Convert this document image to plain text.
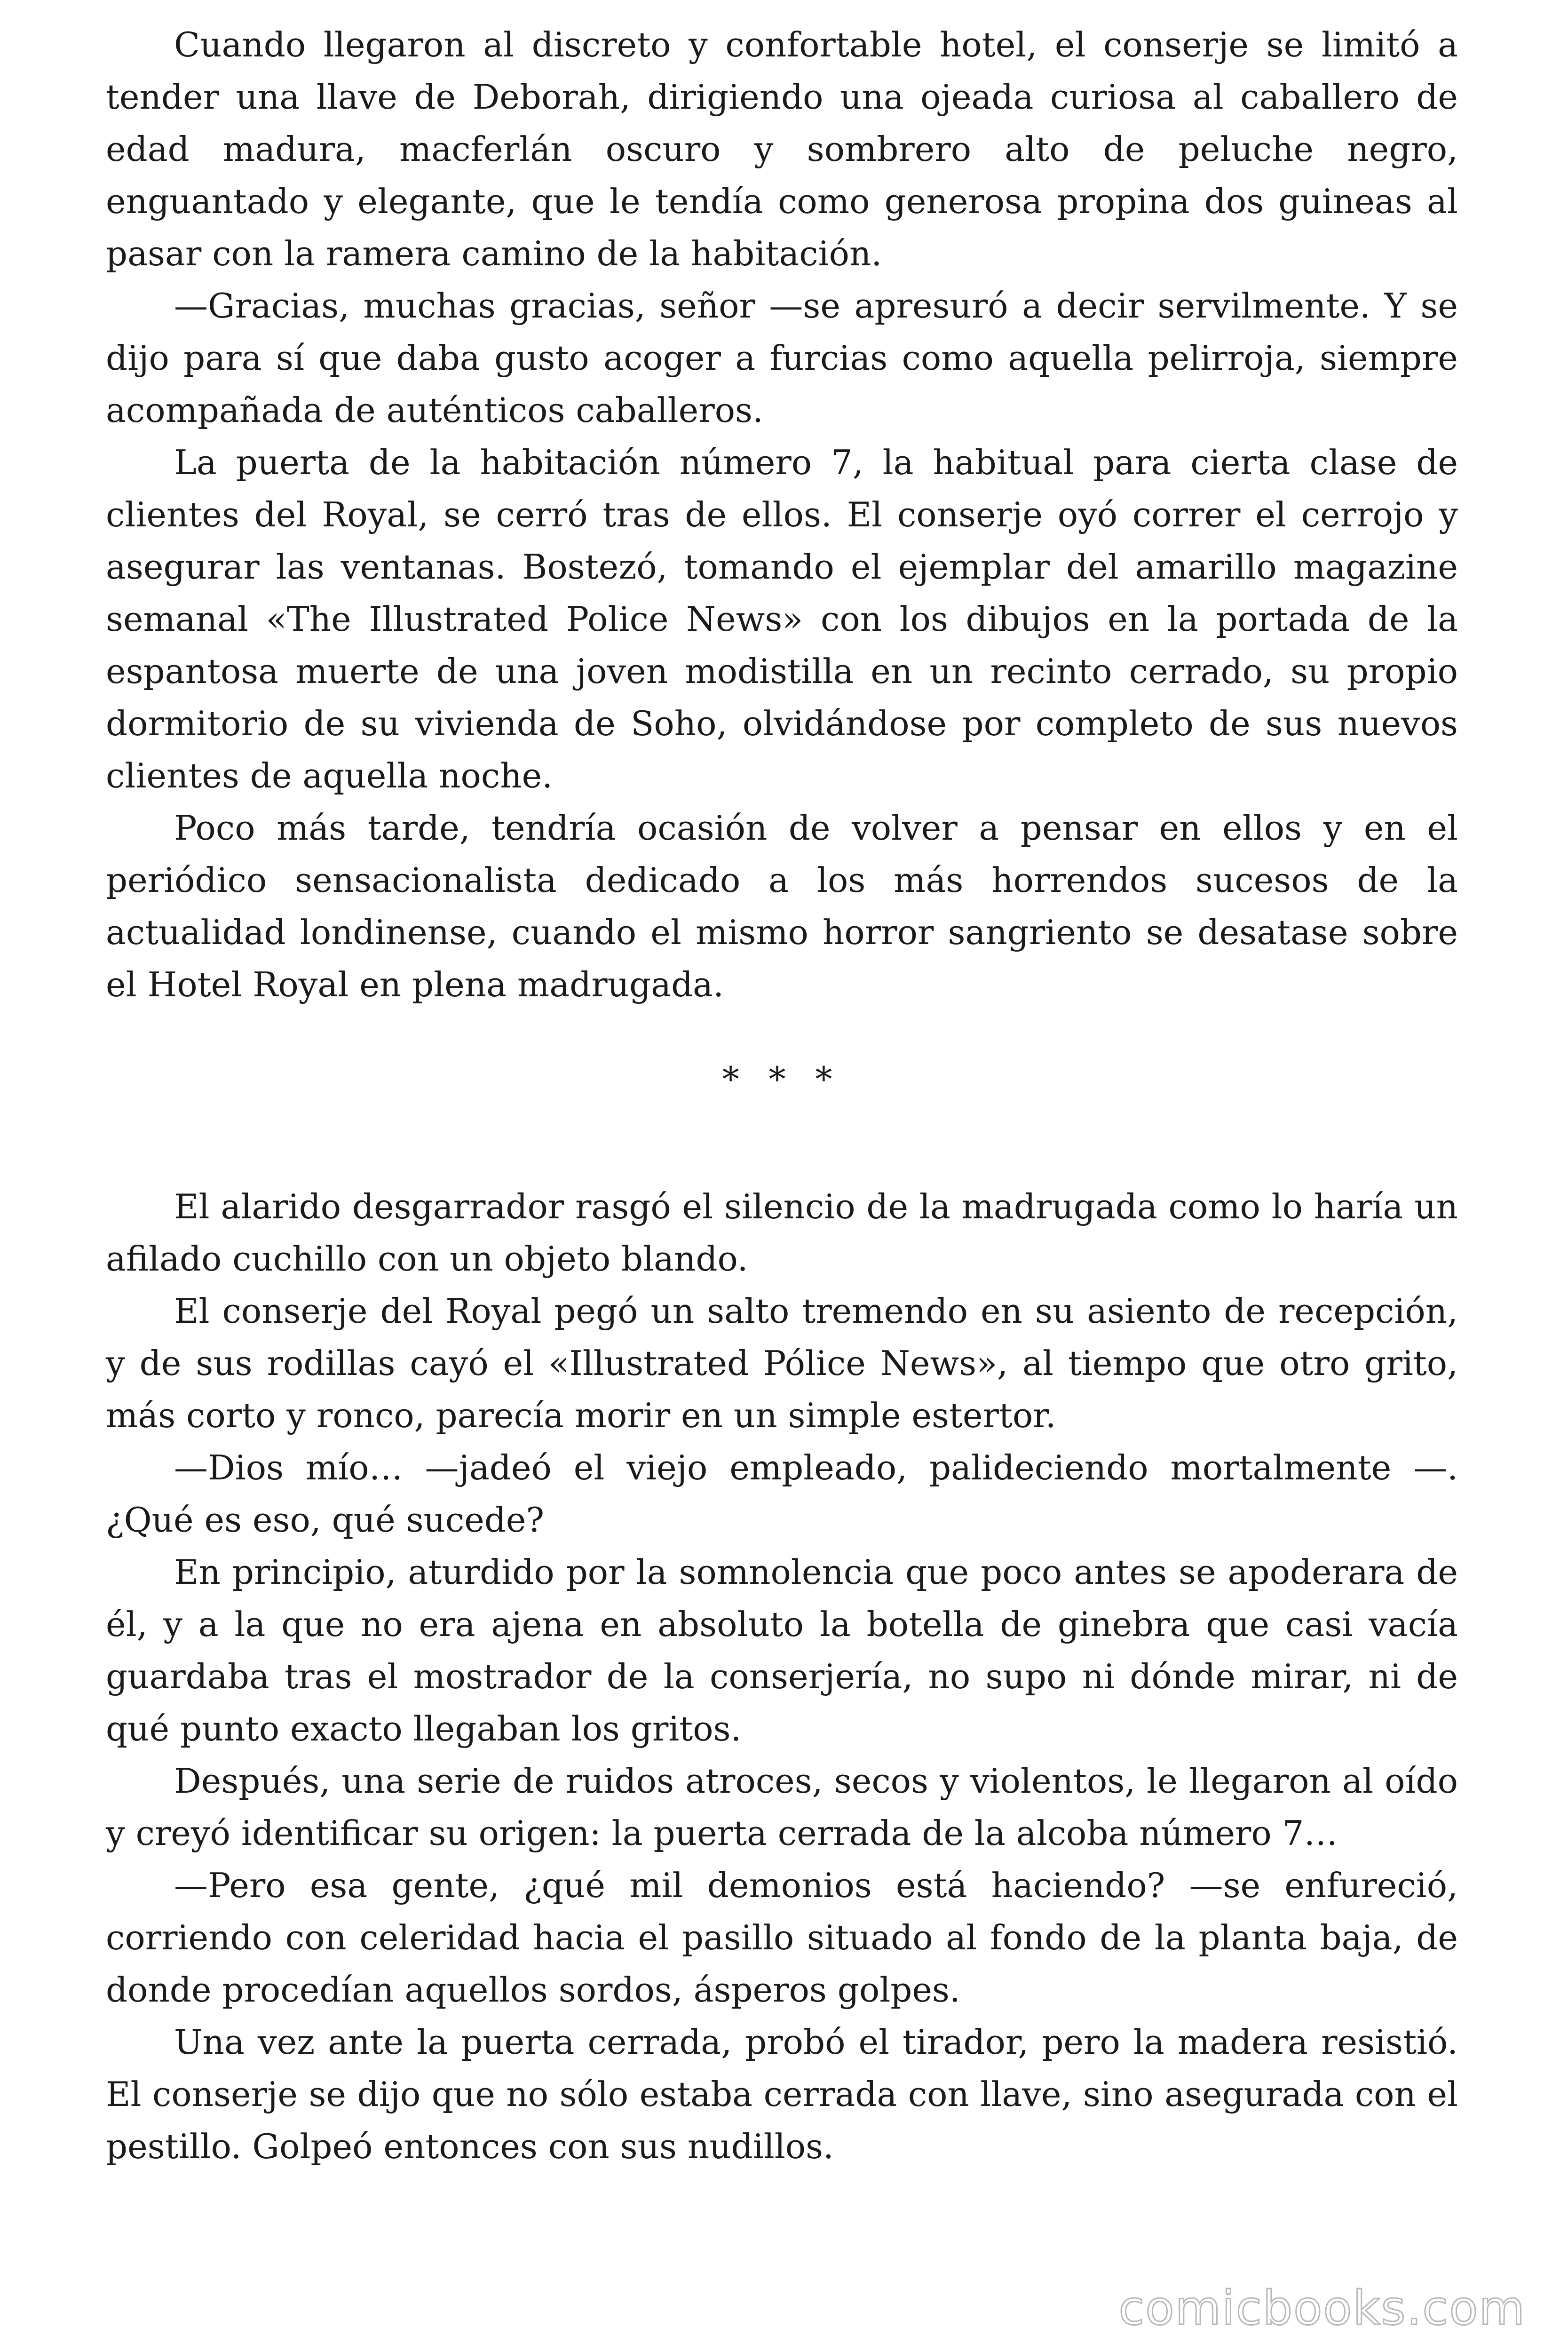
Cuando llegaron al discreto y confortable hotel, el conserje se limitó a tender una llave de Deborah, dirigiendo una ojeada curiosa al caballero de edad madura, macferlán oscuro y sombrero alto de peluche negro, enguantado y elegante, que le tendía como generosa propina dos guineas al pasar con la ramera camino de la habitación.

—Gracias, muchas gracias, señor —se apresuró a decir servilmente. Y se dijo para sí que daba gusto acoger a furcias como aquella pelirroja, siempre acompañada de auténticos caballeros.

La puerta de la habitación número 7, la habitual para cierta clase de clientes del Royal, se cerró tras de ellos. El conserje oyó correr el cerrojo y asegurar las ventanas. Bostezó, tomando el ejemplar del amarillo magazine semanal «The Illustrated Police News» con los dibujos en la portada de la espantosa muerte de una joven modistilla en un recinto cerrado, su propio dormitorio de su vivienda de Soho, olvidándose por completo de sus nuevos clientes de aquella noche.

Poco más tarde, tendría ocasión de volver a pensar en ellos y en el periódico sensacionalista dedicado a los más horrendos sucesos de la actualidad londinense, cuando el mismo horror sangriento se desatase sobre el Hotel Royal en plena madrugada.

* * *

El alarido desgarrador rasgó el silencio de la madrugada como lo haría un afilado cuchillo con un objeto blando.

El conserje del Royal pegó un salto tremendo en su asiento de recepción, y de sus rodillas cayó el «Illustrated Pólice News», al tiempo que otro grito, más corto y ronco, parecía morir en un simple estertor.

—Dios mío… —jadeó el viejo empleado, palideciendo mortalmente —. ¿Qué es eso, qué sucede?

En principio, aturdido por la somnolencia que poco antes se apoderara de él, y a la que no era ajena en absoluto la botella de ginebra que casi vacía guardaba tras el mostrador de la conserjería, no supo ni dónde mirar, ni de qué punto exacto llegaban los gritos.

Después, una serie de ruidos atroces, secos y violentos, le llegaron al oído y creyó identificar su origen: la puerta cerrada de la alcoba número 7…

—Pero esa gente, ¿qué mil demonios está haciendo? —se enfureció, corriendo con celeridad hacia el pasillo situado al fondo de la planta baja, de donde procedían aquellos sordos, ásperos golpes.

Una vez ante la puerta cerrada, probó el tirador, pero la madera resistió. El conserje se dijo que no sólo estaba cerrada con llave, sino asegurada con el pestillo. Golpeó entonces con sus nudillos.

comicbooks.com
